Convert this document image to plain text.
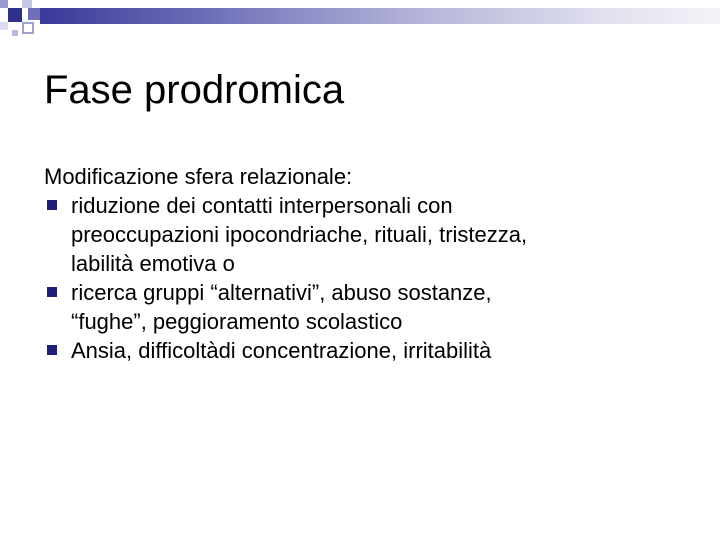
Fase prodromica

Modificazione sfera relazionale:

riduzione dei contatti interpersonali con
preoccupazioni ipocondriache, rituali, tristezza,
labilità emotiva o
ricerca gruppi “alternativi”, abuso sostanze,
“fughe”, peggioramento scolastico
Ansia, difficoltàdi concentrazione, irritabilità
